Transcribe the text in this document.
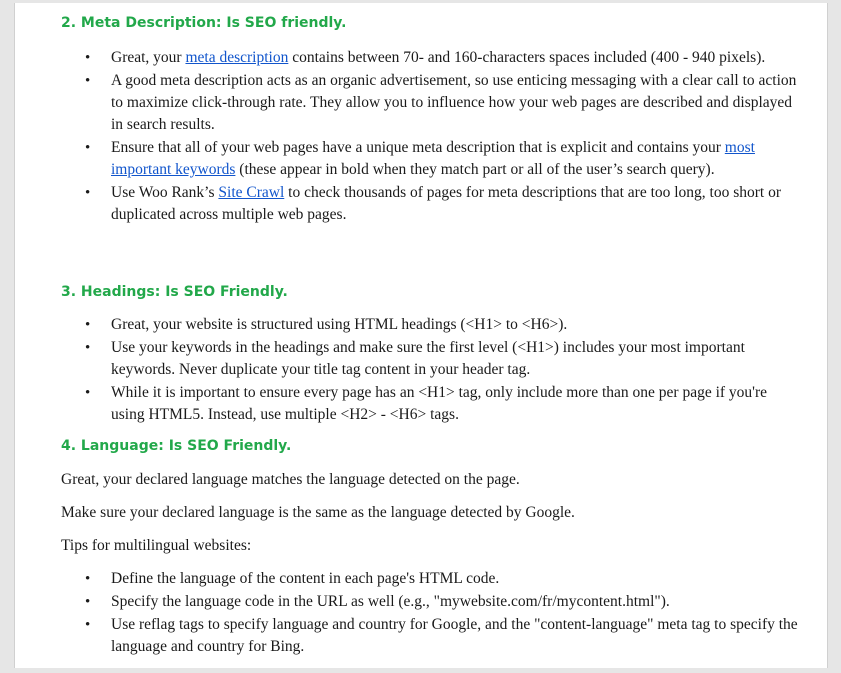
2. Meta Description: Is SEO friendly.
• Great, your meta description contains between 70- and 160-characters spaces included (400 - 940 pixels).
• A good meta description acts as an organic advertisement, so use enticing messaging with a clear call to action to maximize click-through rate. They allow you to influence how your web pages are described and displayed in search results.
• Ensure that all of your web pages have a unique meta description that is explicit and contains your most important keywords (these appear in bold when they match part or all of the user’s search query).
• Use Woo Rank’s Site Crawl to check thousands of pages for meta descriptions that are too long, too short or duplicated across multiple web pages.
3. Headings: Is SEO Friendly.
• Great, your website is structured using HTML headings (<H1> to <H6>).
• Use your keywords in the headings and make sure the first level (<H1>) includes your most important keywords. Never duplicate your title tag content in your header tag.
• While it is important to ensure every page has an <H1> tag, only include more than one per page if you're using HTML5. Instead, use multiple <H2> - <H6> tags.
4. Language: Is SEO Friendly.

Great, your declared language matches the language detected on the page.

Make sure your declared language is the same as the language detected by Google.

Tips for multilingual websites:

• Define the language of the content in each page's HTML code.
• Specify the language code in the URL as well (e.g., "mywebsite.com/fr/mycontent.html").
• Use reflag tags to specify language and country for Google, and the "content-language" meta tag to specify the language and country for Bing.
